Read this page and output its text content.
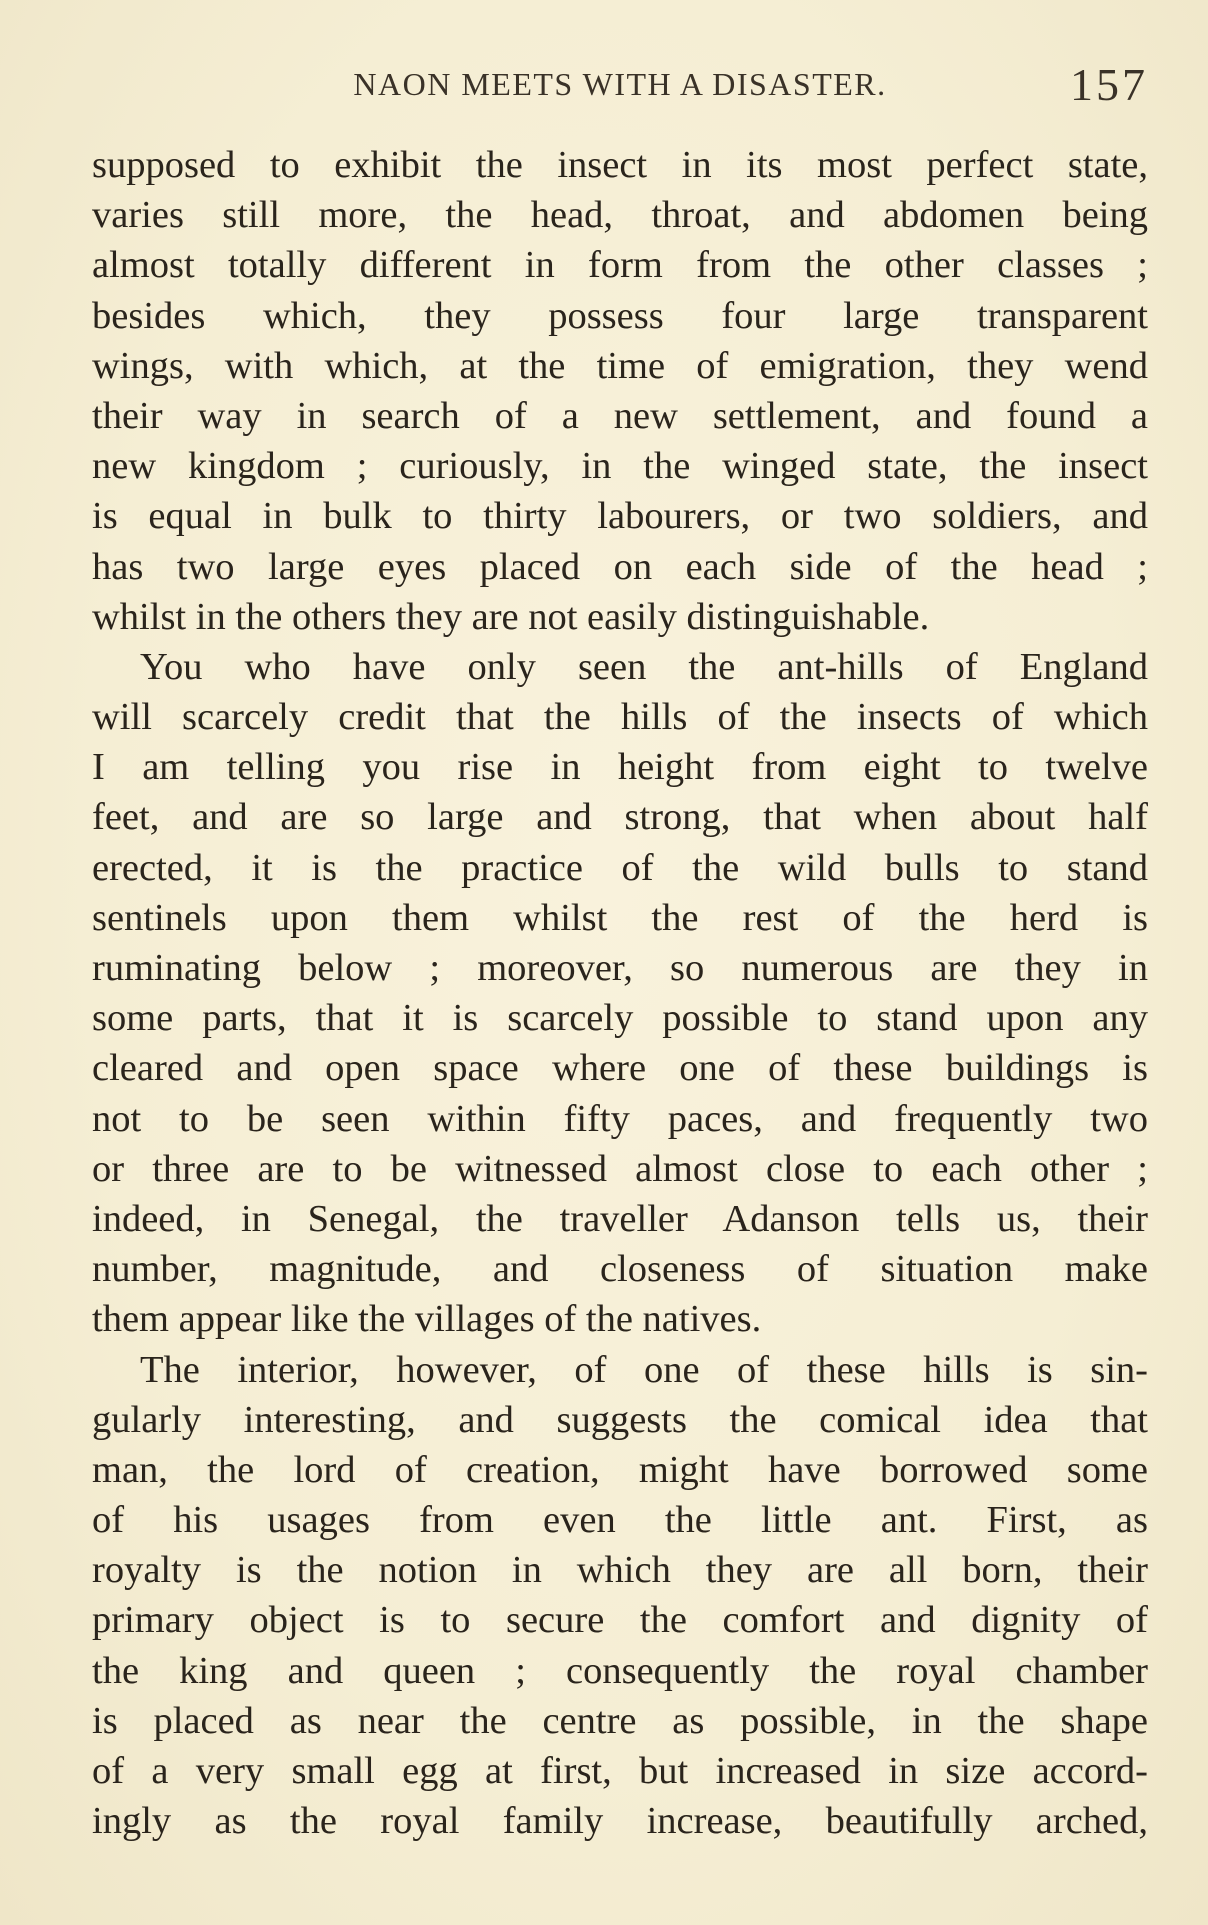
NAON MEETS WITH A DISASTER.	157
supposed to exhibit the insect in its most perfect state,
varies still more, the head, throat, and abdomen being
almost totally different in form from the other classes ;
besides which, they possess four large transparent
wings, with which, at the time of emigration, they wend
their way in search of a new settlement, and found a
new kingdom ; curiously, in the winged state, the insect
is equal in bulk to thirty labourers, or two soldiers, and
has two large eyes placed on each side of the head ;
whilst in the others they are not easily distinguishable.
You who have only seen the ant-hills of England
will scarcely credit that the hills of the insects of which
I am telling you rise in height from eight to twelve
feet, and are so large and strong, that when about half
erected, it is the practice of the wild bulls to stand
sentinels upon them whilst the rest of the herd is
ruminating below ; moreover, so numerous are they in
some parts, that it is scarcely possible to stand upon any
cleared and open space where one of these buildings is
not to be seen within fifty paces, and frequently two
or three are to be witnessed almost close to each other ;
indeed, in Senegal, the traveller Adanson tells us, their
number, magnitude, and closeness of situation make
them appear like the villages of the natives.
The interior, however, of one of these hills is sin-
gularly interesting, and suggests the comical idea that
man, the lord of creation, might have borrowed some
of his usages from even the little ant. First, as
royalty is the notion in which they are all born, their
primary object is to secure the comfort and dignity of
the king and queen ; consequently the royal chamber
is placed as near the centre as possible, in the shape
of a very small egg at first, but increased in size accord-
ingly as the royal family increase, beautifully arched,
